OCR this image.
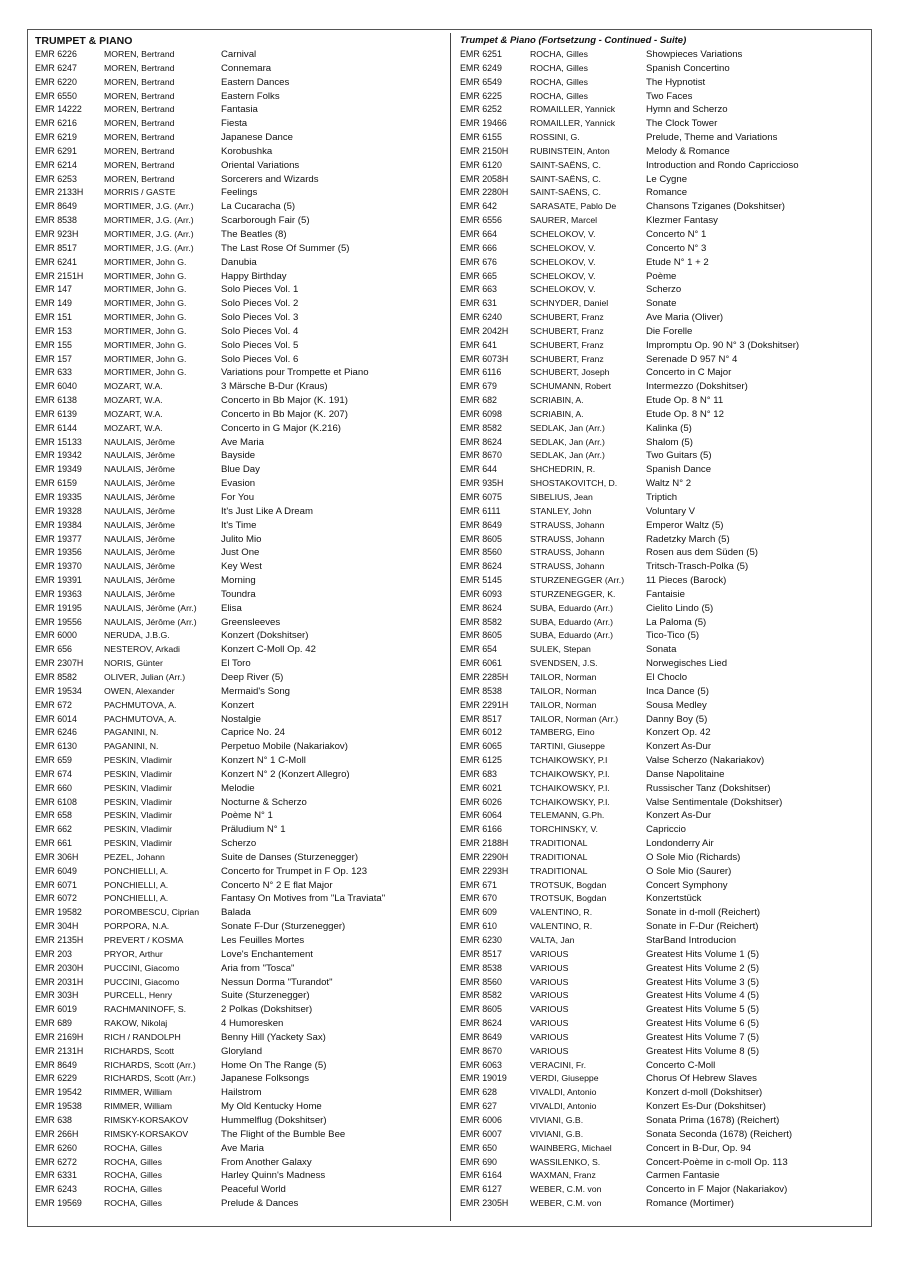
TRUMPET & PIANO
EMR 6226	MOREN, Bertrand	Carnival
EMR 6247	MOREN, Bertrand	Connemara
EMR 6220	MOREN, Bertrand	Eastern Dances
EMR 6550	MOREN, Bertrand	Eastern Folks
EMR 14222	MOREN, Bertrand	Fantasia
EMR 6216	MOREN, Bertrand	Fiesta
EMR 6219	MOREN, Bertrand	Japanese Dance
EMR 6291	MOREN, Bertrand	Korobushka
EMR 6214	MOREN, Bertrand	Oriental Variations
EMR 6253	MOREN, Bertrand	Sorcerers and Wizards
EMR 2133H	MORRIS / GASTE	Feelings
EMR 8649	MORTIMER, J.G. (Arr.)	La Cucaracha (5)
EMR 8538	MORTIMER, J.G. (Arr.)	Scarborough Fair (5)
EMR 923H	MORTIMER, J.G. (Arr.)	The Beatles (8)
EMR 8517	MORTIMER, J.G. (Arr.)	The Last Rose Of Summer (5)
EMR 6241	MORTIMER, John G.	Danubia
EMR 2151H	MORTIMER, John G.	Happy Birthday
EMR 147	MORTIMER, John G.	Solo Pieces Vol. 1
EMR 149	MORTIMER, John G.	Solo Pieces Vol. 2
EMR 151	MORTIMER, John G.	Solo Pieces Vol. 3
EMR 153	MORTIMER, John G.	Solo Pieces Vol. 4
EMR 155	MORTIMER, John G.	Solo Pieces Vol. 5
EMR 157	MORTIMER, John G.	Solo Pieces Vol. 6
EMR 633	MORTIMER, John G.	Variations pour Trompette et Piano
EMR 6040	MOZART, W.A.	3 Märsche B-Dur (Kraus)
EMR 6138	MOZART, W.A.	Concerto in Bb Major (K. 191)
EMR 6139	MOZART, W.A.	Concerto in Bb Major (K. 207)
EMR 6144	MOZART, W.A.	Concerto in G Major (K.216)
EMR 15133	NAULAIS, Jérôme	Ave Maria
EMR 19342	NAULAIS, Jérôme	Bayside
EMR 19349	NAULAIS, Jérôme	Blue Day
EMR 6159	NAULAIS, Jérôme	Evasion
EMR 19335	NAULAIS, Jérôme	For You
EMR 19328	NAULAIS, Jérôme	It's Just Like A Dream
EMR 19384	NAULAIS, Jérôme	It's Time
EMR 19377	NAULAIS, Jérôme	Julito Mio
EMR 19356	NAULAIS, Jérôme	Just One
EMR 19370	NAULAIS, Jérôme	Key West
EMR 19391	NAULAIS, Jérôme	Morning
EMR 19363	NAULAIS, Jérôme	Toundra
EMR 19195	NAULAIS, Jérôme (Arr.)	Elisa
EMR 19556	NAULAIS, Jérôme (Arr.)	Greensleeves
EMR 6000	NERUDA, J.B.G.	Konzert (Dokshitser)
EMR 656	NESTEROV, Arkadi	Konzert C-Moll Op. 42
EMR 2307H	NORIS, Günter	El Toro
EMR 8582	OLIVER, Julian (Arr.)	Deep River (5)
EMR 19534	OWEN, Alexander	Mermaid's Song
EMR 672	PACHMUTOVA, A.	Konzert
EMR 6014	PACHMUTOVA, A.	Nostalgie
EMR 6246	PAGANINI, N.	Caprice No. 24
EMR 6130	PAGANINI, N.	Perpetuo Mobile (Nakariakov)
EMR 659	PESKIN, Vladimir	Konzert N° 1 C-Moll
EMR 674	PESKIN, Vladimir	Konzert N° 2 (Konzert Allegro)
EMR 660	PESKIN, Vladimir	Melodie
EMR 6108	PESKIN, Vladimir	Nocturne & Scherzo
EMR 658	PESKIN, Vladimir	Poème N° 1
EMR 662	PESKIN, Vladimir	Präludium N° 1
EMR 661	PESKIN, Vladimir	Scherzo
EMR 306H	PEZEL, Johann	Suite de Danses (Sturzenegger)
EMR 6049	PONCHIELLI, A.	Concerto for Trumpet in F Op. 123
EMR 6071	PONCHIELLI, A.	Concerto N° 2 E flat Major
EMR 6072	PONCHIELLI, A.	Fantasy On Motives from "La Traviata"
EMR 19582	POROMBESCU, Ciprian	Balada
EMR 304H	PORPORA, N.A.	Sonate F-Dur (Sturzenegger)
EMR 2135H	PREVERT / KOSMA	Les Feuilles Mortes
EMR 203	PRYOR, Arthur	Love's Enchantement
EMR 2030H	PUCCINI, Giacomo	Aria from "Tosca"
EMR 2031H	PUCCINI, Giacomo	Nessun Dorma "Turandot"
EMR 303H	PURCELL, Henry	Suite (Sturzenegger)
EMR 6019	RACHMANINOFF, S.	2 Polkas (Dokshitser)
EMR 689	RAKOW, Nikolaj	4 Humoresken
EMR 2169H	RICH / RANDOLPH	Benny Hill (Yackety Sax)
EMR 2131H	RICHARDS, Scott	Gloryland
EMR 8649	RICHARDS, Scott (Arr.)	Home On The Range (5)
EMR 6229	RICHARDS, Scott (Arr.)	Japanese Folksongs
EMR 19542	RIMMER, William	Hailstrom
EMR 19538	RIMMER, William	My Old Kentucky Home
EMR 638	RIMSKY-KORSAKOV	Hummelflug (Dokshitser)
EMR 266H	RIMSKY-KORSAKOV	The Flight of the Bumble Bee
EMR 6260	ROCHA, Gilles	Ave Maria
EMR 6272	ROCHA, Gilles	From Another Galaxy
EMR 6331	ROCHA, Gilles	Harley Quinn's Madness
EMR 6243	ROCHA, Gilles	Peaceful World
EMR 19569	ROCHA, Gilles	Prelude & Dances
Trumpet & Piano (Fortsetzung - Continued - Suite)
EMR 6251	ROCHA, Gilles	Showpieces Variations
EMR 6249	ROCHA, Gilles	Spanish Concertino
EMR 6549	ROCHA, Gilles	The Hypnotist
EMR 6225	ROCHA, Gilles	Two Faces
EMR 6252	ROMAILLER, Yannick	Hymn and Scherzo
EMR 19466	ROMAILLER, Yannick	The Clock Tower
EMR 6155	ROSSINI, G.	Prelude, Theme and Variations
EMR 2150H	RUBINSTEIN, Anton	Melody & Romance
EMR 6120	SAINT-SAËNS, C.	Introduction and Rondo Capriccioso
EMR 2058H	SAINT-SAËNS, C.	Le Cygne
EMR 2280H	SAINT-SAËNS, C.	Romance
EMR 642	SARASATE, Pablo De	Chansons Tziganes (Dokshitser)
EMR 6556	SAURER, Marcel	Klezmer Fantasy
EMR 664	SCHELOKOV, V.	Concerto N° 1
EMR 666	SCHELOKOV, V.	Concerto N° 3
EMR 676	SCHELOKOV, V.	Etude N° 1 + 2
EMR 665	SCHELOKOV, V.	Poème
EMR 663	SCHELOKOV, V.	Scherzo
EMR 631	SCHNYDER, Daniel	Sonate
EMR 6240	SCHUBERT, Franz	Ave Maria (Oliver)
EMR 2042H	SCHUBERT, Franz	Die Forelle
EMR 641	SCHUBERT, Franz	Impromptu Op. 90 N° 3 (Dokshitser)
EMR 6073H	SCHUBERT, Franz	Serenade D 957 N° 4
EMR 6116	SCHUBERT, Joseph	Concerto in C Major
EMR 679	SCHUMANN, Robert	Intermezzo (Dokshitser)
EMR 682	SCRIABIN, A.	Etude Op. 8 N° 11
EMR 6098	SCRIABIN, A.	Etude Op. 8 N° 12
EMR 8582	SEDLAK, Jan (Arr.)	Kalinka (5)
EMR 8624	SEDLAK, Jan (Arr.)	Shalom (5)
EMR 8670	SEDLAK, Jan (Arr.)	Two Guitars (5)
EMR 644	SHCHEDRIN, R.	Spanish Dance
EMR 935H	SHOSTAKOVITCH, D.	Waltz N° 2
EMR 6075	SIBELIUS, Jean	Triptich
EMR 6111	STANLEY, John	Voluntary V
EMR 8649	STRAUSS, Johann	Emperor Waltz (5)
EMR 8605	STRAUSS, Johann	Radetzky March (5)
EMR 8560	STRAUSS, Johann	Rosen aus dem Süden (5)
EMR 8624	STRAUSS, Johann	Tritsch-Trasch-Polka (5)
EMR 5145	STURZENEGGER (Arr.)	11 Pieces (Barock)
EMR 6093	STURZENEGGER, K.	Fantaisie
EMR 8624	SUBA, Eduardo (Arr.)	Cielito Lindo (5)
EMR 8582	SUBA, Eduardo (Arr.)	La Paloma (5)
EMR 8605	SUBA, Eduardo (Arr.)	Tico-Tico (5)
EMR 654	SULEK, Stepan	Sonata
EMR 6061	SVENDSEN, J.S.	Norwegisches Lied
EMR 2285H	TAILOR, Norman	El Choclo
EMR 8538	TAILOR, Norman	Inca Dance (5)
EMR 2291H	TAILOR, Norman	Sousa Medley
EMR 8517	TAILOR, Norman (Arr.)	Danny Boy (5)
EMR 6012	TAMBERG, Eino	Konzert Op. 42
EMR 6065	TARTINI, Giuseppe	Konzert As-Dur
EMR 6125	TCHAIKOWSKY, P.I	Valse Scherzo (Nakariakov)
EMR 683	TCHAIKOWSKY, P.I.	Danse Napolitaine
EMR 6021	TCHAIKOWSKY, P.I.	Russischer Tanz (Dokshitser)
EMR 6026	TCHAIKOWSKY, P.I.	Valse Sentimentale (Dokshitser)
EMR 6064	TELEMANN, G.Ph.	Konzert As-Dur
EMR 6166	TORCHINSKY, V.	Capriccio
EMR 2188H	TRADITIONAL	Londonderry Air
EMR 2290H	TRADITIONAL	O Sole Mio (Richards)
EMR 2293H	TRADITIONAL	O Sole Mio (Saurer)
EMR 671	TROTSUK, Bogdan	Concert Symphony
EMR 670	TROTSUK, Bogdan	Konzertstück
EMR 609	VALENTINO, R.	Sonate in d-moll (Reichert)
EMR 610	VALENTINO, R.	Sonate in F-Dur (Reichert)
EMR 6230	VALTA, Jan	StarBand Introducion
EMR 8517	VARIOUS	Greatest Hits Volume 1 (5)
EMR 8538	VARIOUS	Greatest Hits Volume 2 (5)
EMR 8560	VARIOUS	Greatest Hits Volume 3 (5)
EMR 8582	VARIOUS	Greatest Hits Volume 4 (5)
EMR 8605	VARIOUS	Greatest Hits Volume 5 (5)
EMR 8624	VARIOUS	Greatest Hits Volume 6 (5)
EMR 8649	VARIOUS	Greatest Hits Volume 7 (5)
EMR 8670	VARIOUS	Greatest Hits Volume 8 (5)
EMR 6063	VERACINI, Fr.	Concerto C-Moll
EMR 19019	VERDI, Giuseppe	Chorus Of Hebrew Slaves
EMR 628	VIVALDI, Antonio	Konzert d-moll (Dokshitser)
EMR 627	VIVALDI, Antonio	Konzert Es-Dur (Dokshitser)
EMR 6006	VIVIANI, G.B.	Sonata Prima (1678) (Reichert)
EMR 6007	VIVIANI, G.B.	Sonata Seconda (1678) (Reichert)
EMR 650	WAINBERG, Michael	Concert in B-Dur, Op. 94
EMR 690	WASSILENKO, S.	Concert-Poème in c-moll Op. 113
EMR 6164	WAXMAN, Franz	Carmen Fantasie
EMR 6127	WEBER, C.M. von	Concerto in F Major (Nakariakov)
EMR 2305H	WEBER, C.M. von	Romance (Mortimer)
